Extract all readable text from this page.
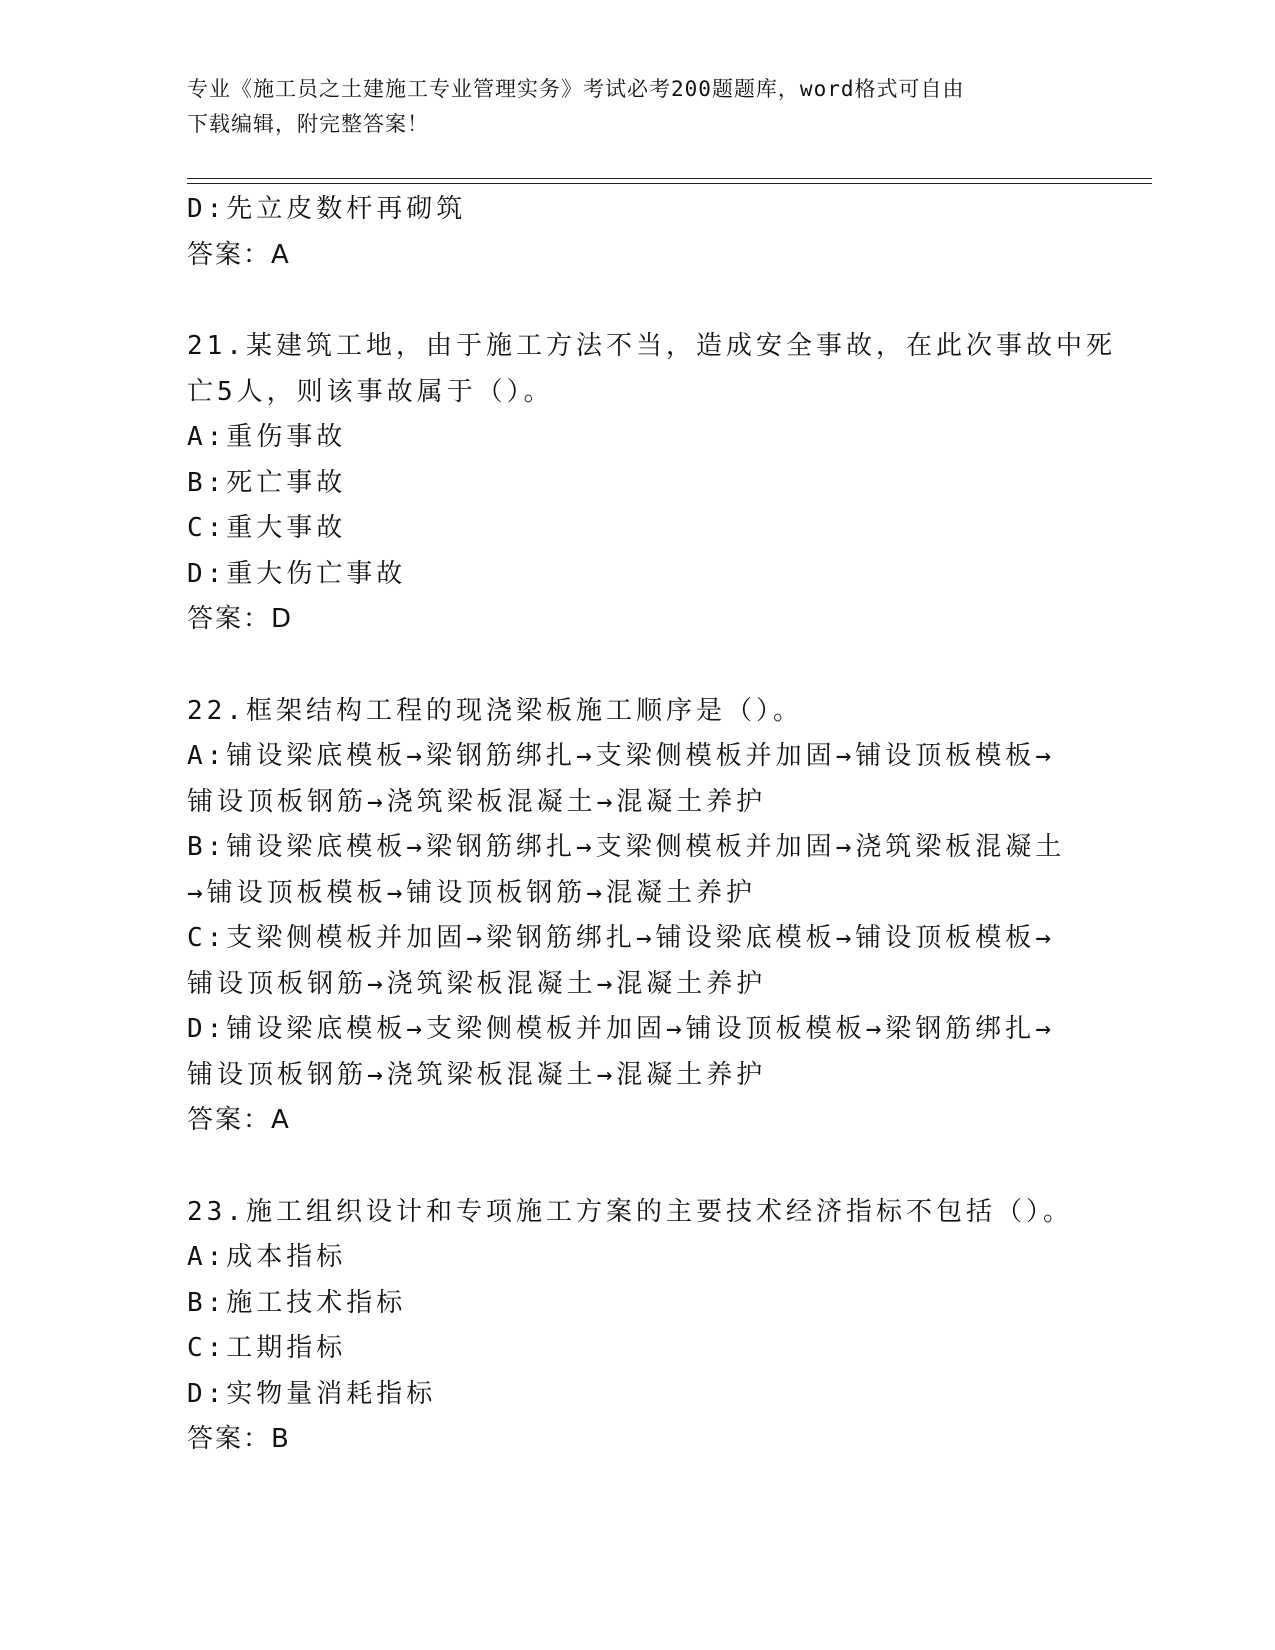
专业《施工员之土建施工专业管理实务》考试必考200题题库，word格式可自由
下载编辑，附完整答案！
D:先立皮数杆再砌筑
答案：A
21.某建筑工地，由于施工方法不当，造成安全事故，在此次事故中死
亡5人，则该事故属于（）。
A:重伤事故
B:死亡事故
C:重大事故
D:重大伤亡事故
答案：D
22.框架结构工程的现浇梁板施工顺序是（）。
A:铺设梁底模板→梁钢筋绑扎→支梁侧模板并加固→铺设顶板模板→
铺设顶板钢筋→浇筑梁板混凝土→混凝土养护
B:铺设梁底模板→梁钢筋绑扎→支梁侧模板并加固→浇筑梁板混凝土
→铺设顶板模板→铺设顶板钢筋→混凝土养护
C:支梁侧模板并加固→梁钢筋绑扎→铺设梁底模板→铺设顶板模板→
铺设顶板钢筋→浇筑梁板混凝土→混凝土养护
D:铺设梁底模板→支梁侧模板并加固→铺设顶板模板→梁钢筋绑扎→
铺设顶板钢筋→浇筑梁板混凝土→混凝土养护
答案：A
23.施工组织设计和专项施工方案的主要技术经济指标不包括（）。
A:成本指标
B:施工技术指标
C:工期指标
D:实物量消耗指标
答案：B
